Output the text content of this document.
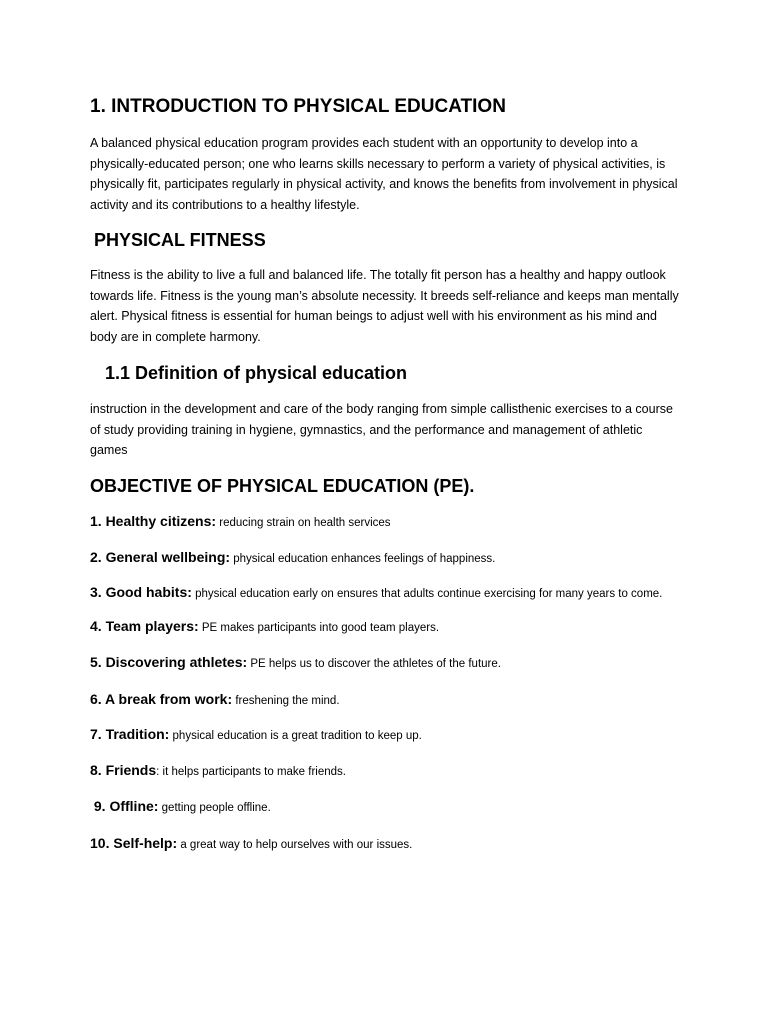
1. INTRODUCTION TO PHYSICAL EDUCATION

A balanced physical education program provides each student with an opportunity to develop into a physically-educated person; one who learns skills necessary to perform a variety of physical activities, is physically fit, participates regularly in physical activity, and knows the benefits from involvement in physical activity and its contributions to a healthy lifestyle.

PHYSICAL FITNESS

Fitness is the ability to live a full and balanced life. The totally fit person has a healthy and happy outlook towards life. Fitness is the young man’s absolute necessity. It breeds self-reliance and keeps man mentally alert. Physical fitness is essential for human beings to adjust well with his environment as his mind and body are in complete harmony.

1.1 Definition of physical education

instruction in the development and care of the body ranging from simple callisthenic exercises to a course of study providing training in hygiene, gymnastics, and the performance and management of athletic games

OBJECTIVE OF PHYSICAL EDUCATION (PE).
1. Healthy citizens: reducing strain on health services
2. General wellbeing: physical education enhances feelings of happiness.
3. Good habits: physical education early on ensures that adults continue exercising for many years to come.
4. Team players: PE makes participants into good team players.
5. Discovering athletes: PE helps us to discover the athletes of the future.
6. A break from work: freshening the mind.
7. Tradition: physical education is a great tradition to keep up.
8. Friends: it helps participants to make friends.
9. Offline: getting people offline.
10. Self-help: a great way to help ourselves with our issues.
